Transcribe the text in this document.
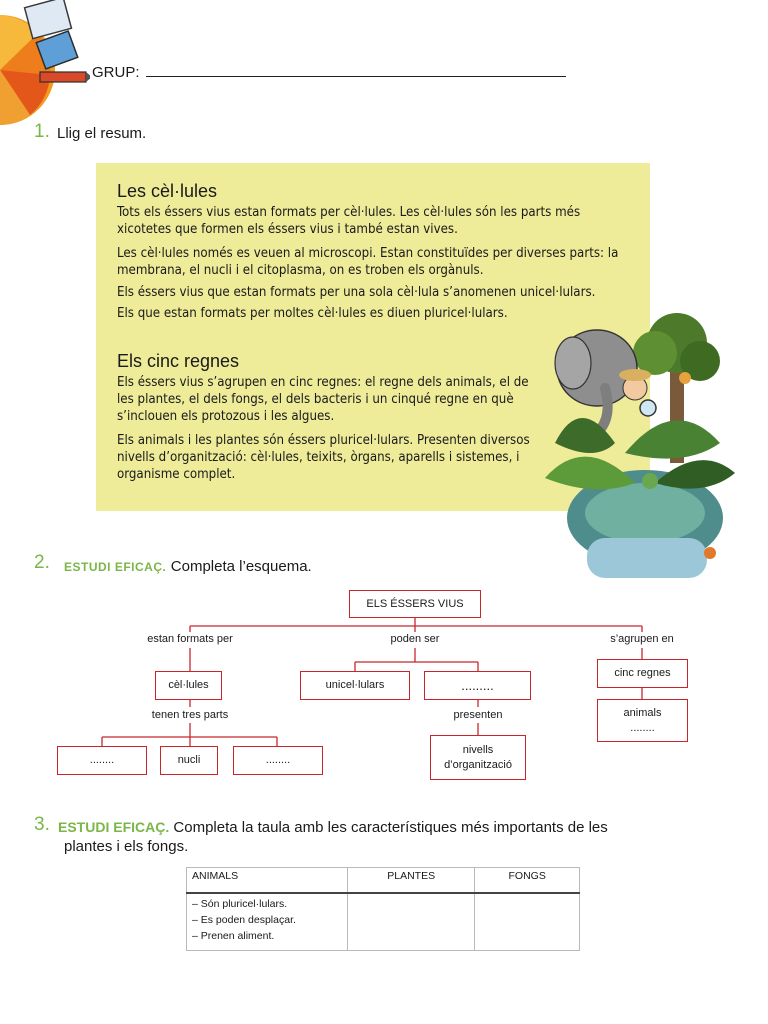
GRUP:
1. Llig el resum.
Les cèl·lules

Tots els éssers vius estan formats per cèl·lules. Les cèl·lules són les parts més xicotetes que formen els éssers vius i també estan vives.

Les cèl·lules només es veuen al microscopi. Estan constituïdes per diverses parts: la membrana, el nucli i el citoplasma, on es troben els orgànuls.

Els éssers vius que estan formats per una sola cèl·lula s’anomenen unicel·lulars.

Els que estan formats per moltes cèl·lules es diuen pluricel·lulars.

Els cinc regnes

Els éssers vius s’agrupen en cinc regnes: el regne dels animals, el de les plantes, el dels fongs, el dels bacteris i un cinqué regne en què s’inclouen els protozous i les algues.

Els animals i les plantes són éssers pluricel·lulars. Presenten diversos nivells d’organització: cèl·lules, teixits, òrgans, aparells i sistemes, i organisme complet.

2. ESTUDI EFICAÇ. Completa l’esquema.
ELS ÉSSERS VIUS
estan formats per	poden ser	s’agrupen en
cèl·lules
tenen tres parts
........	nucli	........
unicel·lulars	.........
presenten
nivells d’organització
cinc regnes
animals
........
3. ESTUDI EFICAÇ. Completa la taula amb les característiques més importants de les
plantes i els fongs.
ANIMALS	PLANTES	FONGS

– Són pluricel·lulars.
– Es poden desplaçar.
– Prenen aliment.		
